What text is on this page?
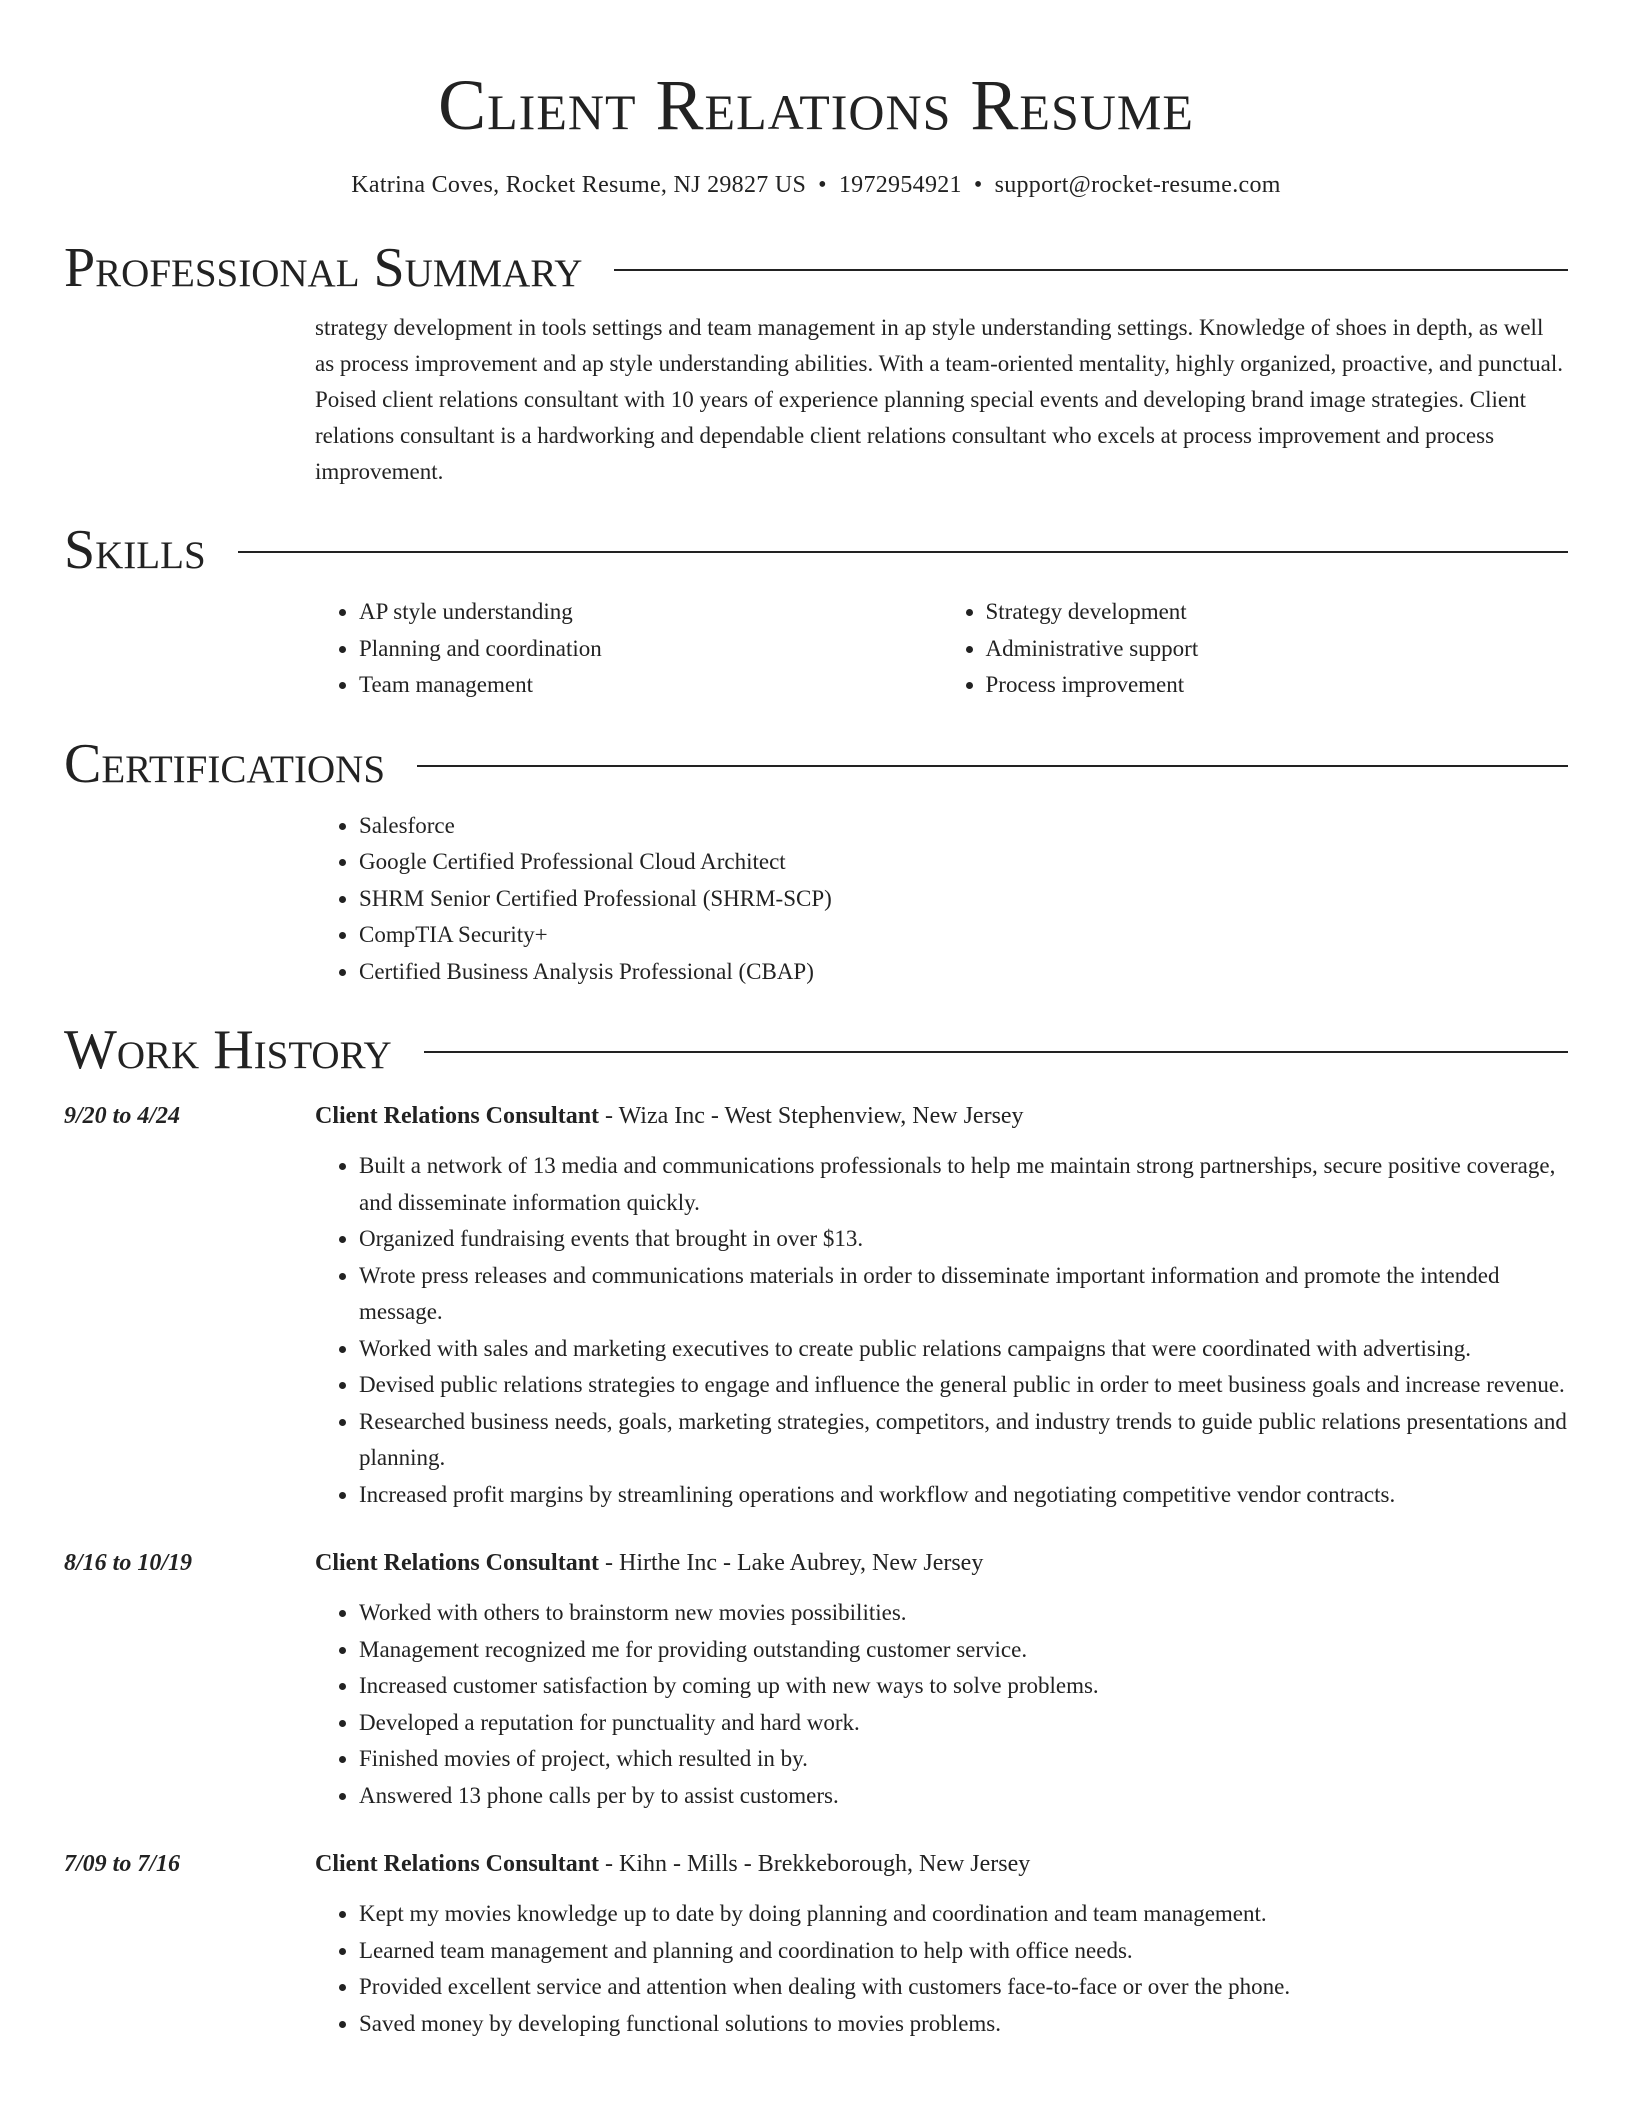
Client Relations Resume
Katrina Coves, Rocket Resume, NJ 29827 US • 1972954921 • support@rocket-resume.com
Professional Summary

strategy development in tools settings and team management in ap style understanding settings. Knowledge of shoes in depth, as well as process improvement and ap style understanding abilities. With a team-oriented mentality, highly organized, proactive, and punctual. Poised client relations consultant with 10 years of experience planning special events and developing brand image strategies. Client relations consultant is a hardworking and dependable client relations consultant who excels at process improvement and process improvement.

Skills
• AP style understanding
• Planning and coordination
• Team management
• Strategy development
• Administrative support
• Process improvement
Certifications
• Salesforce
• Google Certified Professional Cloud Architect
• SHRM Senior Certified Professional (SHRM-SCP)
• CompTIA Security+
• Certified Business Analysis Professional (CBAP)
Work History
9/20 to 4/24	Client Relations Consultant - Wiza Inc - West Stephenview, New Jersey
• Built a network of 13 media and communications professionals to help me maintain strong partnerships, secure positive coverage, and disseminate information quickly.
• Organized fundraising events that brought in over $13.
• Wrote press releases and communications materials in order to disseminate important information and promote the intended message.
• Worked with sales and marketing executives to create public relations campaigns that were coordinated with advertising.
• Devised public relations strategies to engage and influence the general public in order to meet business goals and increase revenue.
• Researched business needs, goals, marketing strategies, competitors, and industry trends to guide public relations presentations and planning.
• Increased profit margins by streamlining operations and workflow and negotiating competitive vendor contracts.
8/16 to 10/19	Client Relations Consultant - Hirthe Inc - Lake Aubrey, New Jersey
• Worked with others to brainstorm new movies possibilities.
• Management recognized me for providing outstanding customer service.
• Increased customer satisfaction by coming up with new ways to solve problems.
• Developed a reputation for punctuality and hard work.
• Finished movies of project, which resulted in by.
• Answered 13 phone calls per by to assist customers.
7/09 to 7/16	Client Relations Consultant - Kihn - Mills - Brekkeborough, New Jersey
• Kept my movies knowledge up to date by doing planning and coordination and team management.
• Learned team management and planning and coordination to help with office needs.
• Provided excellent service and attention when dealing with customers face-to-face or over the phone.
• Saved money by developing functional solutions to movies problems.
